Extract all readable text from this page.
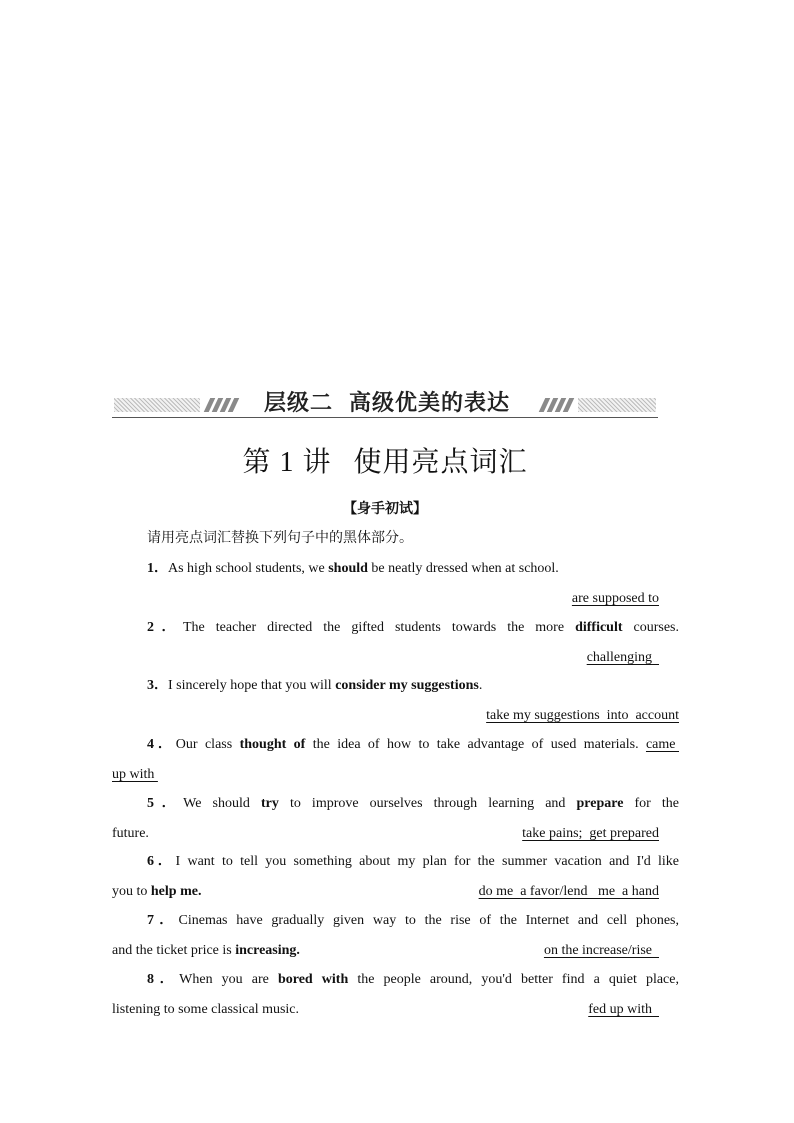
层级二 高级优美的表达
第 1 讲 使用亮点词汇
【身手初试】
请用亮点词汇替换下列句子中的黑体部分。
1．As high school students, we should be neatly dressed when at school.
are supposed to
2．The teacher directed the gifted students towards the more difficult courses.
challenging
3．I sincerely hope that you will consider my suggestions.
take my suggestions  into  account
4．Our class thought of the idea of how to take advantage of used materials. came
up with
5．We should try to improve ourselves through learning and prepare for the
future.	take pains;  get prepared
6．I want to tell you something about my plan for the summer vacation and I'd like
you to help me.	do me  a favor/lend   me  a hand
7．Cinemas have gradually given way to the rise of the Internet and cell phones,
and the ticket price is increasing.	on the increase/rise
8．When you are bored with the people around, you'd better find a quiet place,
listening to some classical music.	fed up with
